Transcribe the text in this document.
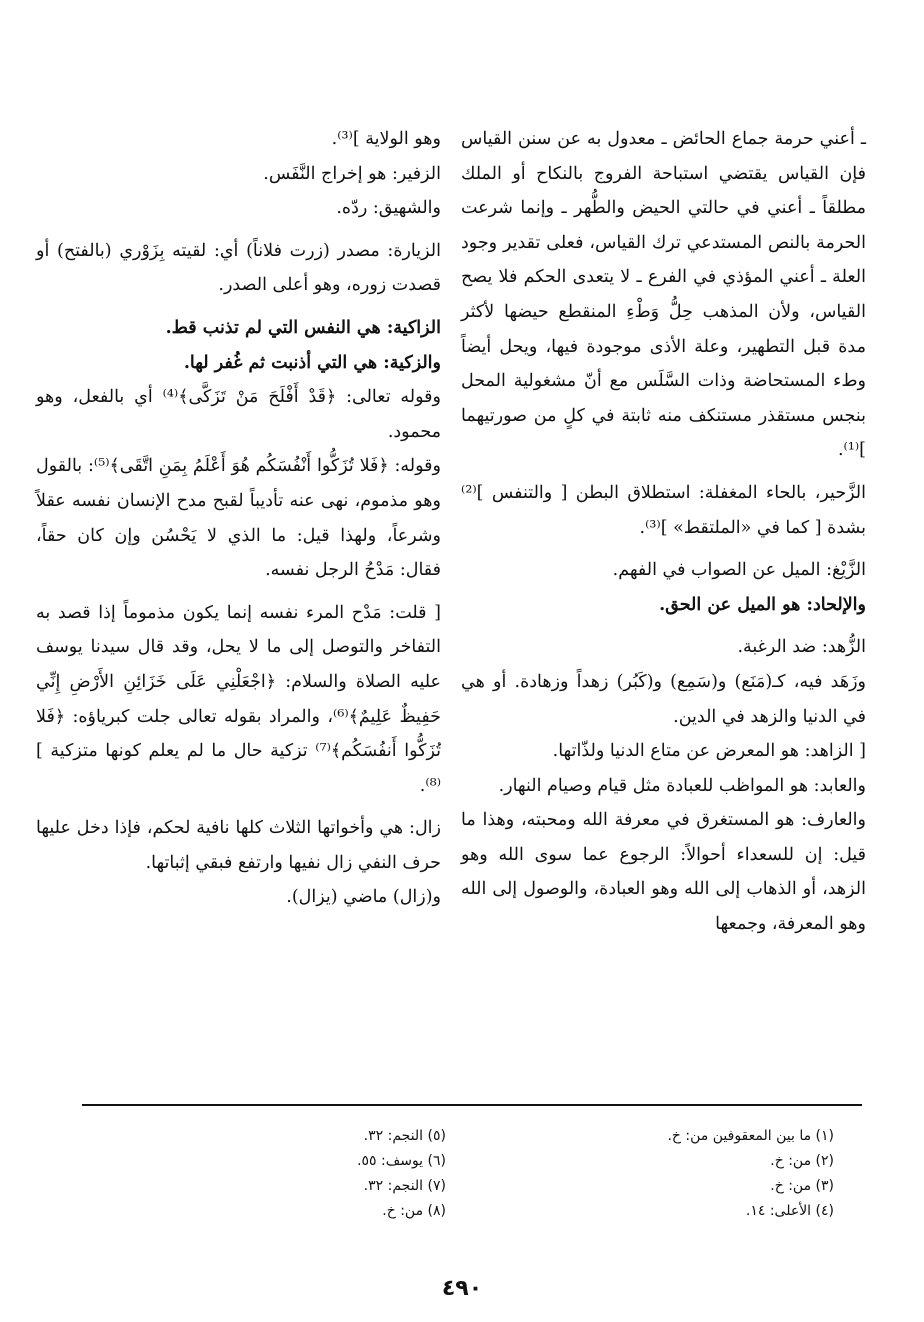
ـ أعني حرمة جماع الحائض ـ معدول به عن سنن القياس فإن القياس يقتضي استباحة الفروج بالنكاح أو الملك مطلقاً ـ أعني في حالتي الحيض والطُّهر ـ وإنما شرعت الحرمة بالنص المستدعي ترك القياس، فعلى تقدير وجود العلة ـ أعني المؤذي في الفرع ـ لا يتعدى الحكم فلا يصح القياس، ولأن المذهب حِلُّ وَطْءِ المنقطع حيضها لأكثر مدة قبل التطهير، وعلة الأذى موجودة فيها، ويحل أيضاً وطء المستحاضة وذات السَّلَس مع أنّ مشغولية المحل بنجس مستقذر مستنكف منه ثابتة في كلٍ من صورتيهما ]⁽¹⁾.

الزَّحير، بالحاء المغفلة: استطلاق البطن [ والتنفس ]⁽²⁾ بشدة [ كما في «الملتقط» ]⁽³⁾.

الزَّيْغ: الميل عن الصواب في الفهم.

والإلحاد: هو الميل عن الحق.

الزُّهد: ضد الرغبة.

وزَهَد فيه، كـ(مَنَع) و(سَمِع) و(كَبُر) زهداً وزهادة. أو هي في الدنيا والزهد في الدين.

[ الزاهد: هو المعرض عن متاع الدنيا ولذّاتها.

والعابد: هو المواظب للعبادة مثل قيام وصيام النهار.

والعارف: هو المستغرق في معرفة الله ومحبته، وهذا ما قيل: إن للسعداء أحوالاً: الرجوع عما سوى الله وهو الزهد، أو الذهاب إلى الله وهو العبادة، والوصول إلى الله وهو المعرفة، وجمعها

وهو الولاية ]⁽³⁾.

الزفير: هو إخراج النَّفَس.

والشهيق: ردّه.

الزيارة: مصدر (زرت فلاناً) أي: لقيته بِزَوْري (بالفتح) أو قصدت زوره، وهو أعلى الصدر.

الزاكية: هي النفس التي لم تذنب قط.

والزكية: هي التي أذنبت ثم غُفر لها.

وقوله تعالى: ﴿قَدْ أَفْلَحَ مَنْ تَزَكَّى﴾⁽⁴⁾ أي بالفعل، وهو محمود.

وقوله: ﴿فَلا تُزَكُّوا أَنْفُسَكُم هُوَ أَعْلَمُ بِمَنِ اتَّقَى﴾⁽⁵⁾: بالقول وهو مذموم، نهى عنه تأديباً لقبح مدح الإنسان نفسه عقلاً وشرعاً، ولهذا قيل: ما الذي لا يَحْسُن وإن كان حقاً، فقال: مَدْحُ الرجل نفسه.

[ قلت: مَدْح المرء نفسه إنما يكون مذموماً إذا قصد به التفاخر والتوصل إلى ما لا يحل، وقد قال سيدنا يوسف عليه الصلاة والسلام: ﴿اجْعَلْنِي عَلَى خَزَائِنِ الأَرْضِ إِنِّي حَفِيظٌ عَلِيمٌ﴾⁽⁶⁾، والمراد بقوله تعالى جلت كبرياؤه: ﴿فَلا تُزَكُّوا أَنفُسَكُم﴾⁽⁷⁾ تزكية حال ما لم يعلم كونها متزكية ]⁽⁸⁾.

زال: هي وأخواتها الثلاث كلها نافية لحكم، فإذا دخل عليها حرف النفي زال نفيها وارتفع فبقي إثباتها.

و(زال) ماضي (يزال).

(١) ما بين المعقوفين من: خ.
(٢) من: خ.
(٣) من: خ.
(٤) الأعلى: ١٤.
(٥) النجم: ٣٢.
(٦) يوسف: ٥٥.
(٧) النجم: ٣٢.
(٨) من: خ.
٤٩٠
